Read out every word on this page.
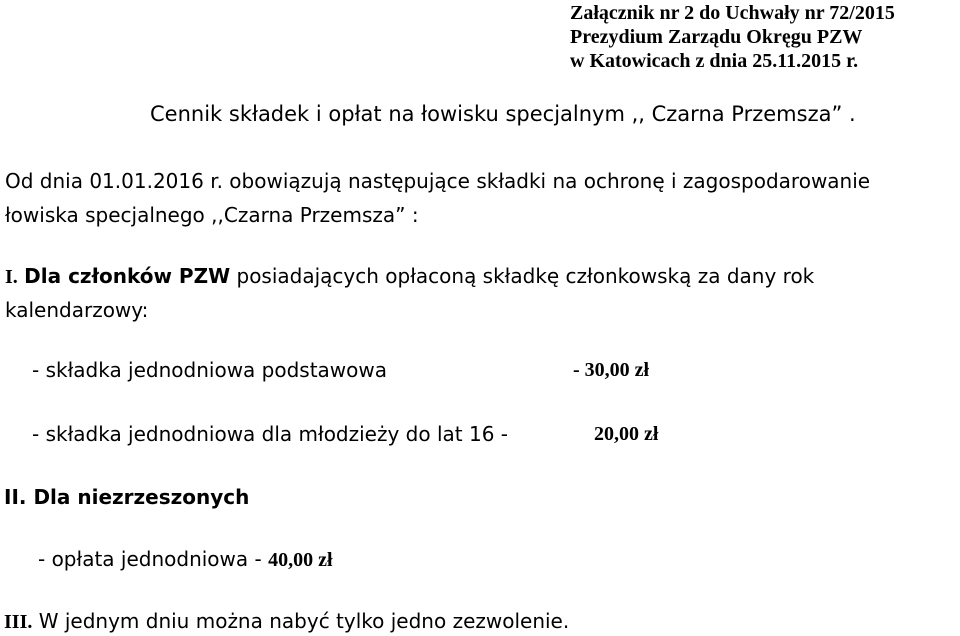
Załącznik nr 2 do Uchwały nr 72/2015
Prezydium Zarządu Okręgu PZW
w Katowicach z dnia 25.11.2015 r.
Cennik składek i opłat na łowisku specjalnym ,, Czarna Przemsza” .
Od dnia 01.01.2016 r. obowiązują następujące składki na ochronę i zagospodarowanie
łowiska specjalnego ,,Czarna Przemsza” :
I. Dla członków PZW posiadających opłaconą składkę członkowską za dany rok
kalendarzowy:
- składka jednodniowa podstawowa	- 30,00 zł
- składka jednodniowa dla młodzieży do lat 16 -	20,00 zł
II. Dla niezrzeszonych
- opłata jednodniowa - 40,00 zł
III. W jednym dniu można nabyć tylko jedno zezwolenie.
